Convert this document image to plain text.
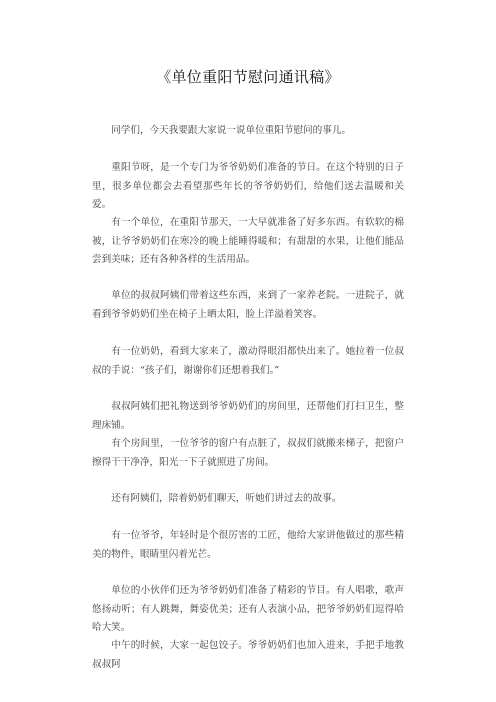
《单位重阳节慰问通讯稿》

同学们，今天我要跟大家说一说单位重阳节慰问的事儿。

重阳节呀，是一个专门为爷爷奶奶们准备的节日。在这个特别的日子里，很多单位都会去看望那些年长的爷爷奶奶们，给他们送去温暖和关爱。

有一个单位，在重阳节那天，一大早就准备了好多东西。有软软的棉被，让爷爷奶奶们在寒冷的晚上能睡得暖和；有甜甜的水果，让他们能品尝到美味；还有各种各样的生活用品。

单位的叔叔阿姨们带着这些东西，来到了一家养老院。一进院子，就看到爷爷奶奶们坐在椅子上晒太阳，脸上洋溢着笑容。

有一位奶奶，看到大家来了，激动得眼泪都快出来了。她拉着一位叔叔的手说：“孩子们，谢谢你们还想着我们。”

叔叔阿姨们把礼物送到爷爷奶奶们的房间里，还帮他们打扫卫生，整理床铺。

有个房间里，一位爷爷的窗户有点脏了，叔叔们就搬来梯子，把窗户擦得干干净净，阳光一下子就照进了房间。

还有阿姨们，陪着奶奶们聊天，听她们讲过去的故事。

有一位爷爷，年轻时是个很厉害的工匠，他给大家讲他做过的那些精美的物件，眼睛里闪着光芒。

单位的小伙伴们还为爷爷奶奶们准备了精彩的节目。有人唱歌，歌声悠扬动听；有人跳舞，舞姿优美；还有人表演小品，把爷爷奶奶们逗得哈哈大笑。

中午的时候，大家一起包饺子。爷爷奶奶们也加入进来，手把手地教叔叔阿
